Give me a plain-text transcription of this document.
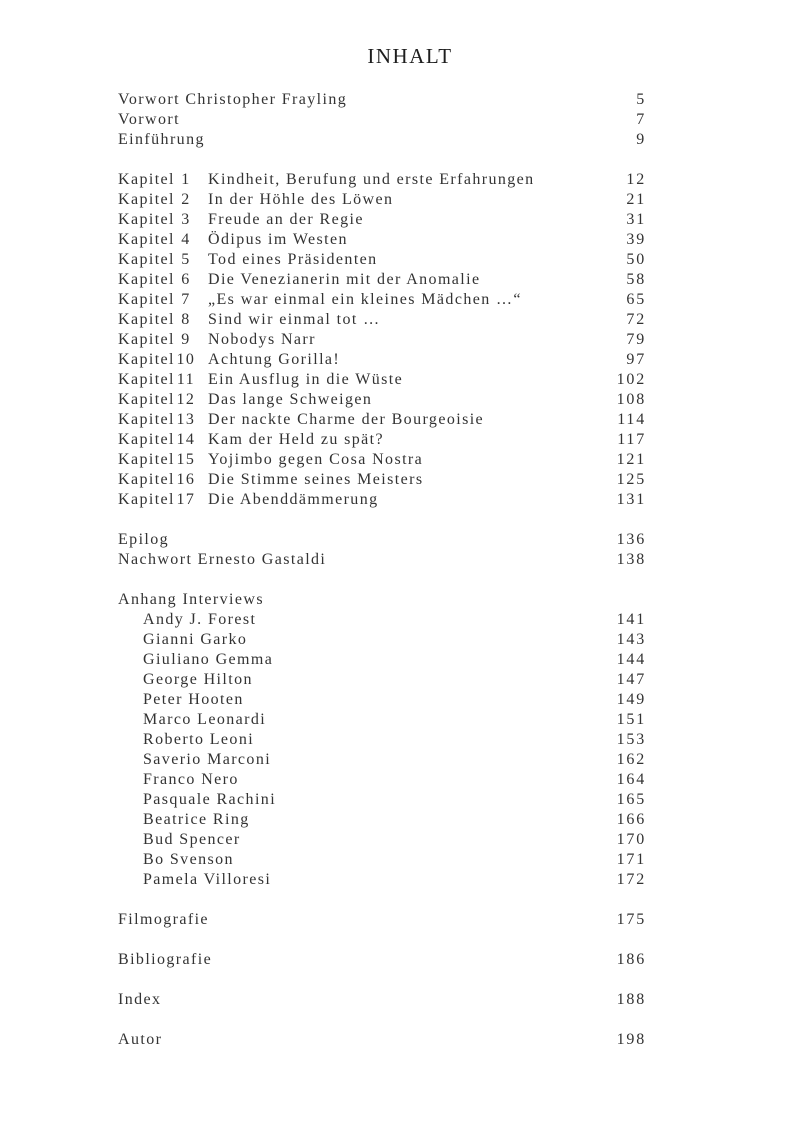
INHALT
Vorwort Christopher Frayling	5
Vorwort	7
Einführung	9
Kapitel 1	Kindheit, Berufung und erste Erfahrungen	12
Kapitel 2	In der Höhle des Löwen	21
Kapitel 3	Freude an der Regie	31
Kapitel 4	Ödipus im Westen	39
Kapitel 5	Tod eines Präsidenten	50
Kapitel 6	Die Venezianerin mit der Anomalie	58
Kapitel 7	„Es war einmal ein kleines Mädchen …“	65
Kapitel 8	Sind wir einmal tot …	72
Kapitel 9	Nobodys Narr	79
Kapitel10 Achtung Gorilla!	97
Kapitel 11 Ein Ausflug in die Wüste	102
Kapitel12 Das lange Schweigen	108
Kapitel13 Der nackte Charme der Bourgeoisie	114
Kapitel14 Kam der Held zu spät?	117
Kapitel15 Yojimbo gegen Cosa Nostra	121
Kapitel16 Die Stimme seines Meisters	125
Kapitel17 Die Abenddämmerung	131
Epilog	136
Nachwort Ernesto Gastaldi	138
Anhang Interviews
Andy J. Forest	141
Gianni Garko	143
Giuliano Gemma	144
George Hilton	147
Peter Hooten	149
Marco Leonardi	151
Roberto Leoni	153
Saverio Marconi	162
Franco Nero	164
Pasquale Rachini	165
Beatrice Ring	166
Bud Spencer	170
Bo Svenson	171
Pamela Villoresi	172
Filmografie	175
Bibliografie	186
Index	188
Autor	198
